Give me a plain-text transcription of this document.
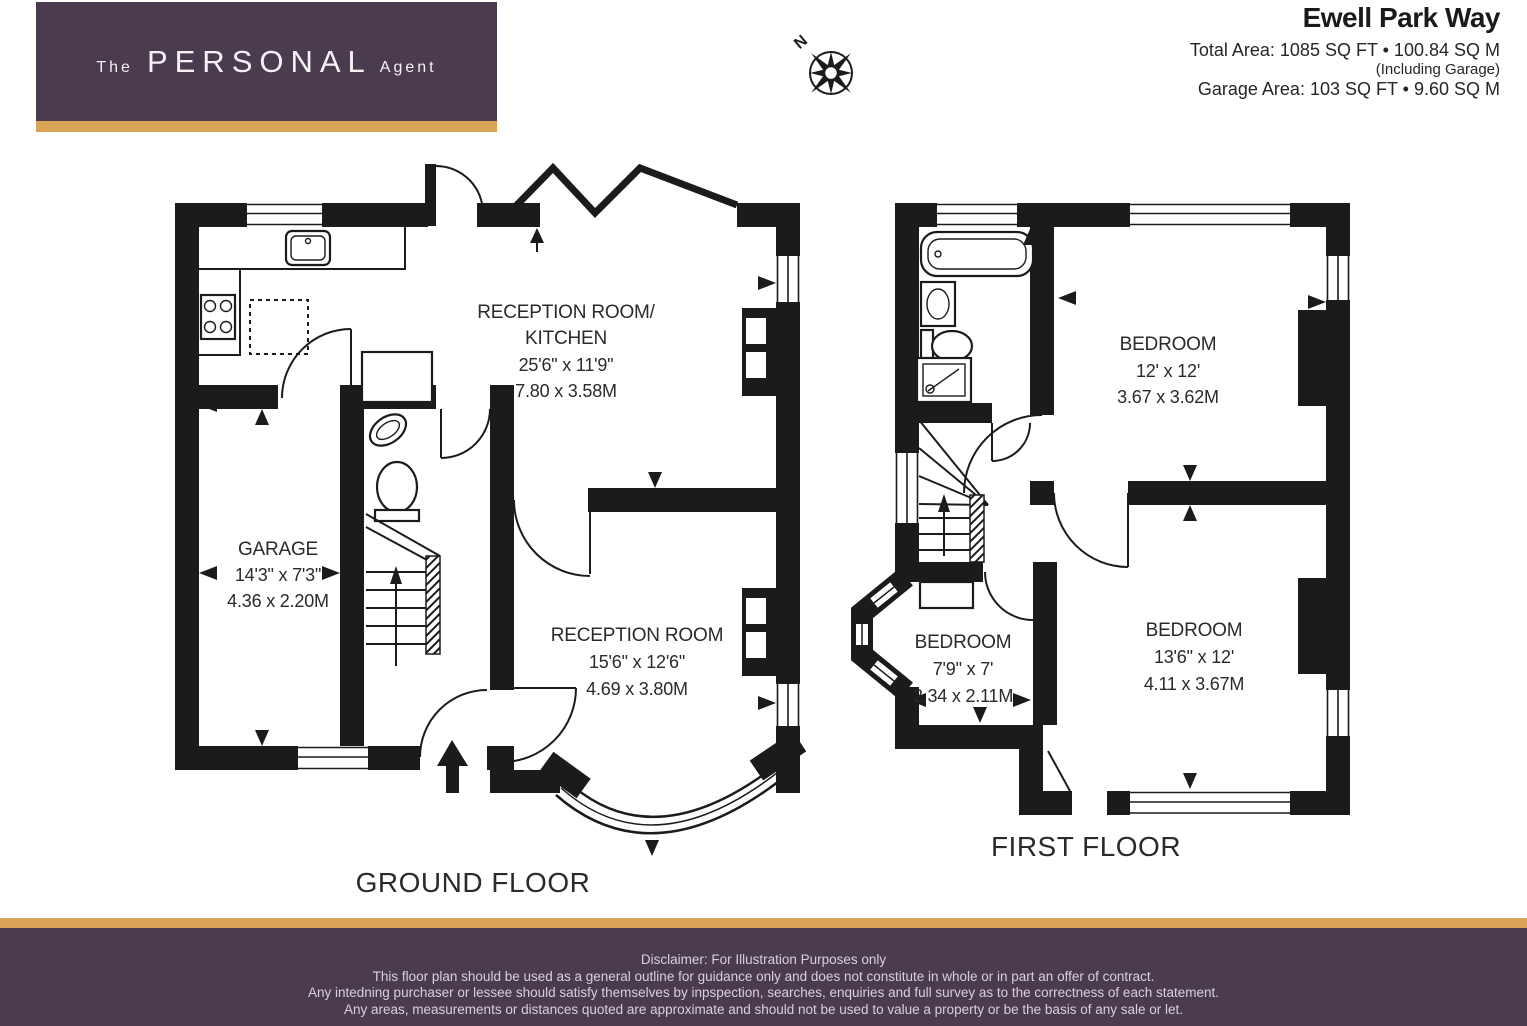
The PERSONAL Agent
Ewell Park Way
Total Area: 1085 SQ FT • 100.84 SQ M
(Including Garage)
Garage Area: 103 SQ FT • 9.60 SQ M
N
RECEPTION ROOM/
KITCHEN
25'6" x 11'9"
7.80 x 3.58M
GARAGE
14'3" x 7'3"
4.36 x 2.20M
RECEPTION ROOM
15'6" x 12'6"
4.69 x 3.80M
GROUND FLOOR
BEDROOM
12' x 12'
3.67 x 3.62M
BEDROOM
7'9" x 7'
2.34 x 2.11M
BEDROOM
13'6" x 12'
4.11 x 3.67M
FIRST FLOOR

Disclaimer: For Illustration Purposes only

This floor plan should be used as a general outline for guidance only and does not constitute in whole or in part an offer of contract.

Any intedning purchaser or lessee should satisfy themselves by inpspection, searches, enquiries and full survey as to the correctness of each statement.

Any areas, measurements or distances quoted are approximate and should not be used to value a property or be the basis of any sale or let.
